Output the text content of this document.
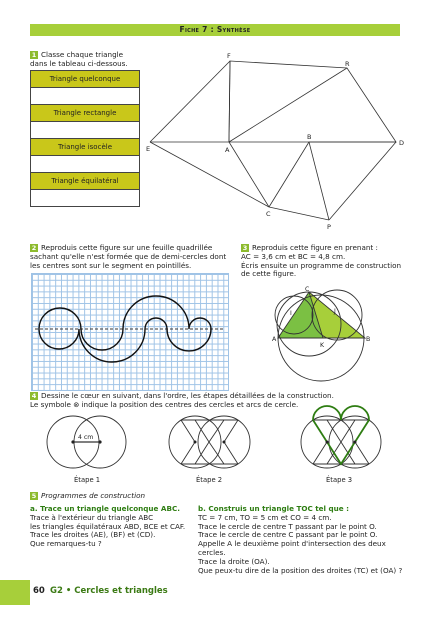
Fiche 7 : Synthèse
1 Classe chaque triangle
dans le tableau ci-dessous.
Triangle quelconque
Triangle rectangle
Triangle isocèle
Triangle équilatéral
F
R
E	A
B
D
C
P
2 Reproduis cette figure sur une feuille quadrillée
sachant qu'elle n'est formée que de demi-cercles dont
les centres sont sur le segment en pointillés.
3 Reproduis cette figure en prenant :
AC = 3,6 cm et BC = 4,8 cm.
Écris ensuite un programme de construction
de cette figure.
C
A	B
K
I	J
4 Dessine le cœur en suivant, dans l'ordre, les étapes détaillées de la construction.
Le symbole ⊗ indique la position des centres des cercles et arcs de cercle.
4 cm
Étape 1	Étape 2	Étape 3
5 Programmes de construction
a. Trace un triangle quelconque ABC.
Trace à l'extérieur du triangle ABC
les triangles équilatéraux ABD, BCE et CAF.
Trace les droites (AE), (BF) et (CD).
Que remarques-tu ?
b. Construis un triangle TOC tel que :
TC = 7 cm, TO = 5 cm et CO = 4 cm.
Trace le cercle de centre T passant par le point O.
Trace le cercle de centre C passant par le point O.
Appelle A le deuxième point d'intersection des deux
cercles.
Trace la droite (OA).
Que peux-tu dire de la position des droites (TC) et (OA) ?
60 G2 • Cercles et triangles
